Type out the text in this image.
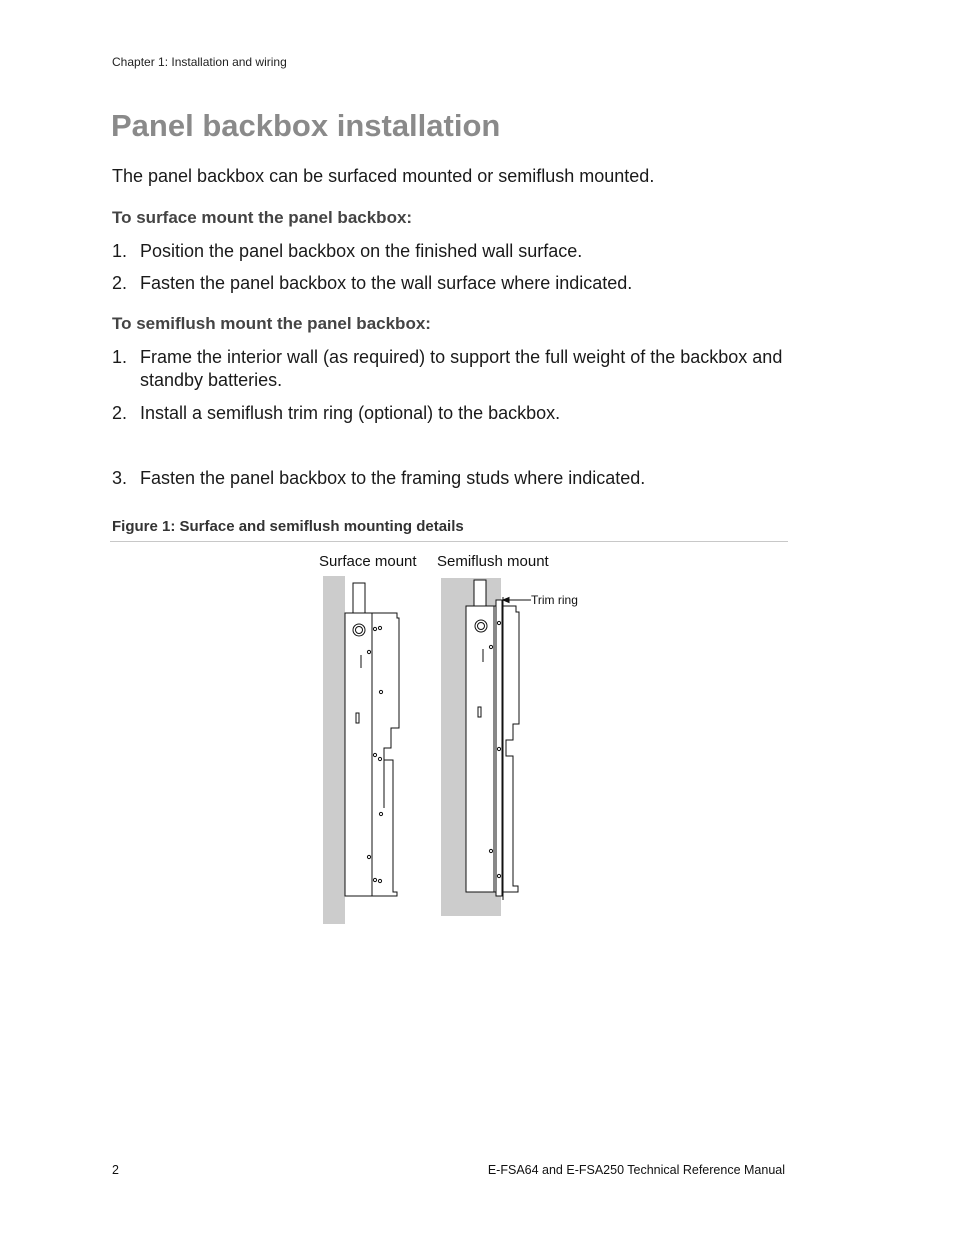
Chapter 1: Installation and wiring
Panel backbox installation
The panel backbox can be surfaced mounted or semiflush mounted.
To surface mount the panel backbox:
1. Position the panel backbox on the finished wall surface.
2. Fasten the panel backbox to the wall surface where indicated.
To semiflush mount the panel backbox:
1. Frame the interior wall (as required) to support the full weight of the backbox and standby batteries.
2. Install a semiflush trim ring (optional) to the backbox.
3. Fasten the panel backbox to the framing studs where indicated.
Figure 1: Surface and semiflush mounting details
Surface mount Semiflush mount
Trim ring
2	E-FSA64 and E-FSA250 Technical Reference Manual
